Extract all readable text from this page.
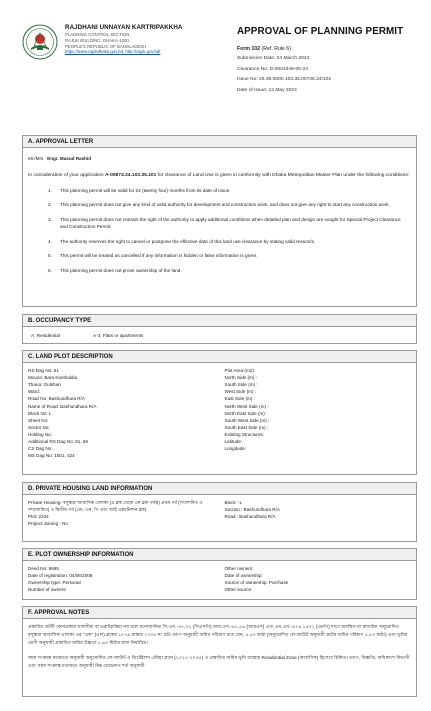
RAJDHANI UNNAYAN KARTRIPAKKHA
PLANNING CONTROL SECTION
RAJUK BUILDING, DHAKA-1000,
PEOPLE'S REPUBLIC OF BANGLADESH
https://www.rajukdhaka.gov.bd, http://rajuk.gov.bd/
APPROVAL OF PLANNING PERMIT
Form 102 (Ref. Rule 6)
Submission Date: 24 March 2024
Clearance No: D-0004348-05-24
Issue No: 25.39.0000.103.35.00728.24/102
Date of Issue: 12 May 2024
A. APPROVAL LETTER
Mr./Mrs Engr. Masud Rashid
In consideration of your application A-00874.24.103.35.101 for clearance of Land Use is given in conformity with Dhaka Metropolitan Master Plan under the following conditions:
1.	This planning permit will be valid for 24 (twenty four) months from its date of issue.
2.	This planning permit does not give any kind of valid authority for development and construction work, and does not give any right to start any construction work.
3.	This planning permit does not restrain the right of the authority to apply additional conditions when detailed plan and design are sought for Special Project Clearance and Construction Permit.
4.	The authority reserves the right to cancel or postpone the effective date of this land use clearance by stating valid reason/s.
5.	This permit will be treated as cancelled if any information is hidden or false information is given.
6.	This planning permit does not prove ownership of the land.
B. OCCUPANCY TYPE
A. Residential	A-3. Flats or apartments
C. LAND PLOT DESCRIPTION
RS Dag No: 61
Mouza: Bara Kanthaldia
Thana: Gulshan
Ward:
Road No: Bashundhara R/A
Name of Road: Bashundhara R/A
Block No: L
Sheet No:
Sector No:
Holding No:
Additional RS Dag No: 61, 56
CS Dag No:
MS Dag No: 1501, 424
Plot Area (m2):
North Side (m) :
South Side (m) :
West Side (m) :
East Side (m) :
North West Side (m) :
North East Side (m) :
South West Side (m) :
South East Side (m) :
Existing Structures:
Latitude:
Longitude:
D. PRIVATE HOUSING LAND INFORMATION
Private Housing: বসুন্ধরা আবাসিক এলাকা (এ ব্লক থেকে এন ব্লক পর্যন্ত) প্রথম পর্ব (সংশোধিত ও সম্প্রসারিত) ও দ্বিতীয় পর্ব (এম, এন, পি এবং আই এক্সটেনশন ব্লক)
Plot: 2334
Project Joining : No
Block : L
Section : Bashundhara R/A
Road : Bashundhara R/A
E. PLOT OWNERSHIP INFORMATION
Deed No: 9695
Date of registration: 04/06/2008
Ownership type: Personal
Number of owners:
Other owners:
Date of ownership:
Source of ownership: Purchase
Other source:
F. APPROVAL NOTES
প্রস্তাবিত প্লটটি কোনপ্রকার খালসীমা বা ভরাটকৃত্তিমা নয় বলে মনোজানিত সি.এস.-৩৭,৩২ (সিএসপি) আর.এস.-৬১,৫৬ (আরএস) এবং এম.এস.-৪২৪,১৫০১ (এমপি) দাগে অবস্থিত যা রাজউক অনুমোদিত বসুন্ধরা আবাসিক এলাকা এর "এল" (এল) ব্লকের ১৫৭৯ রাস্তার ২৩৩৪ নং প্লট। ড্যাপ অনুযায়ী জমির পরিমাণ মাত্র যেন, ৫.৫০ কাঠা (অনুমোদিত লে-আউট অনুযায়ী প্লটের জমির পরিমাণ ৫.৫০ কাঠা) এবং ভূমির শ্রেণী অনুযায়ী প্রস্তাবিত জমির উচ্চতা ১.৬০ মিটার রাখা নির্ধারিত।
সময় সংক্রান্ত মতামতে অনুযায়ী অনুমোদিত লে-আউট ও ডিটেইলস এরিয়া প্ল্যান (২০২২-২০৩৫) এ প্রস্তাবিত জমির ভূমি ব্যবহার Residential Zone (আবাসিক) হিসেবে চিহ্নিত। ড্যাপ, বিজ্ঞপ্তি, অধিকাংশ বিভাগী এবং সময় সংক্রান্ত মতামতে অনুযায়ী নিম্ন ডেভেলপ শর্ত অনুযায়ী
